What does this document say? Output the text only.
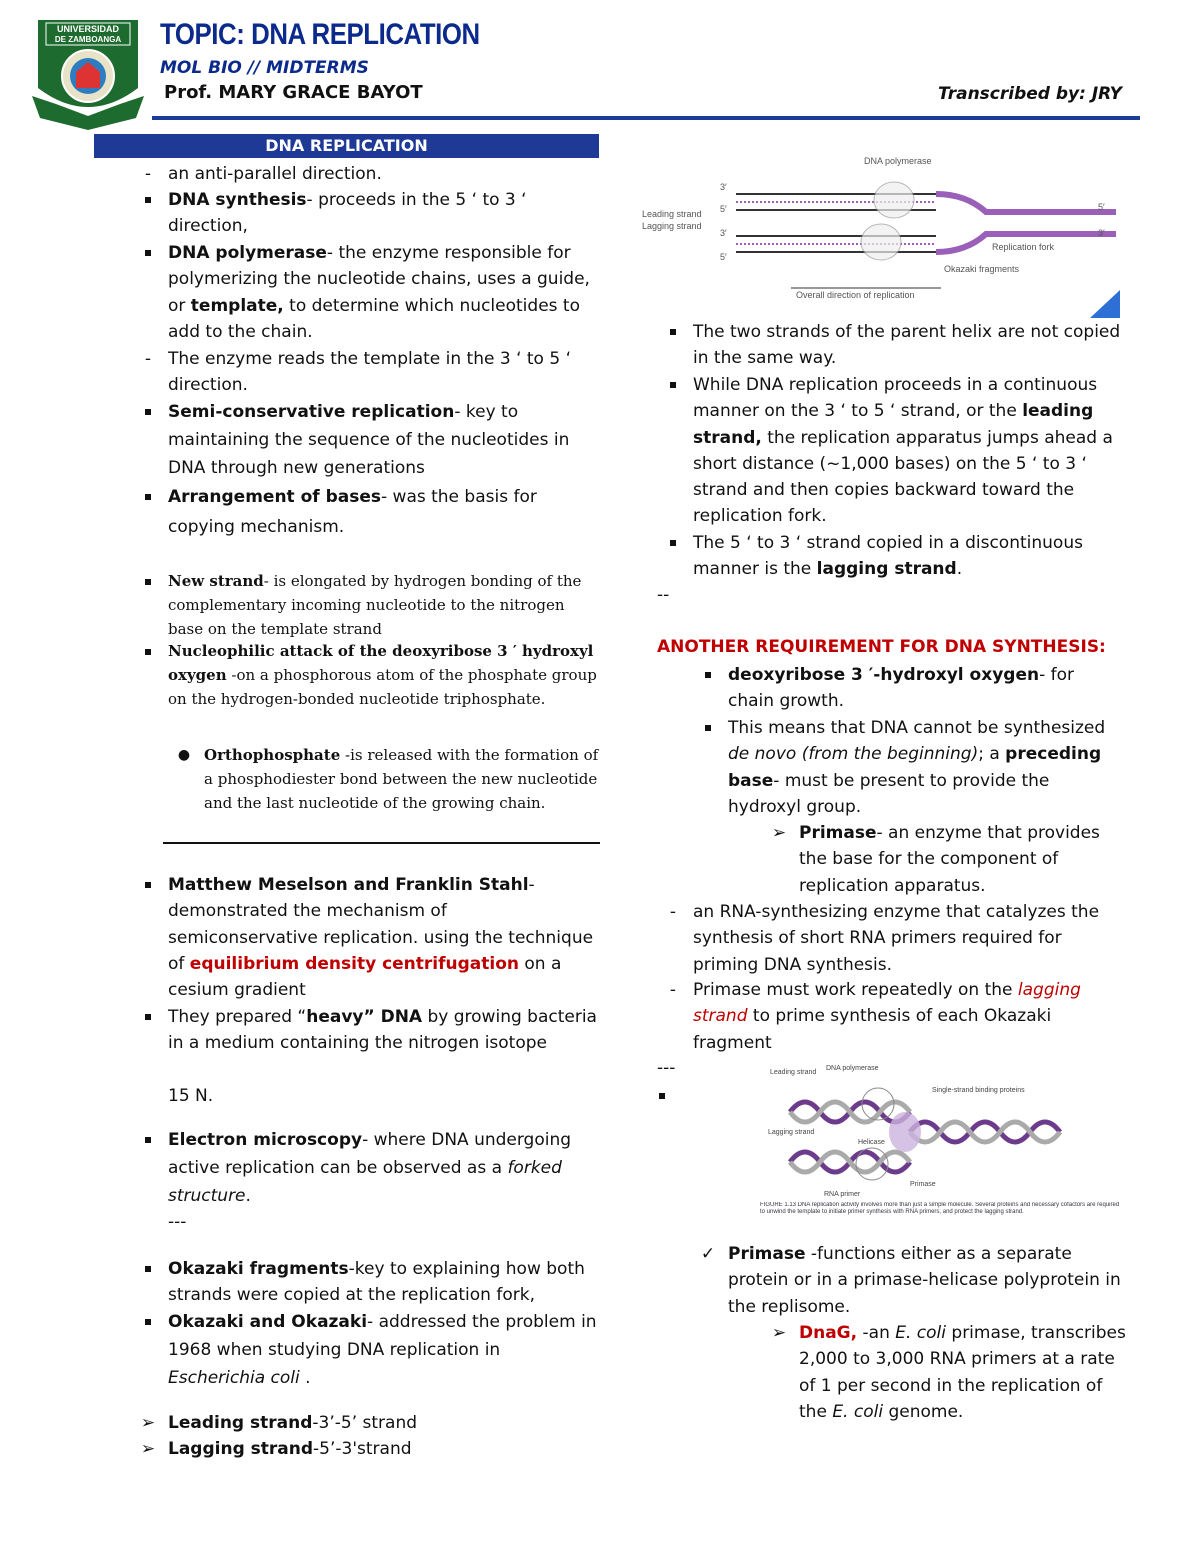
UNIVERSIDAD
DE ZAMBOANGA TOPIC: DNA REPLICATION
MOL BIO // MIDTERMS
Prof. MARY GRACE BAYOT	Transcribed by: JRY
DNA REPLICATION
- an anti-parallel direction.
DNA synthesis- proceeds in the 5 ‘ to 3 ‘ direction,
DNA polymerase- the enzyme responsible for polymerizing the nucleotide chains, uses a guide, or template, to determine which nucleotides to add to the chain.
- The enzyme reads the template in the 3 ‘ to 5 ‘ direction.
Semi-conservative replication- key to maintaining the sequence of the nucleotides in DNA through new generations
Arrangement of bases- was the basis for copying mechanism.
New strand- is elongated by hydrogen bonding of the complementary incoming nucleotide to the nitrogen base on the template strand
Nucleophilic attack of the deoxyribose 3 ′ hydroxyl oxygen -on a phosphorous atom of the phosphate group on the hydrogen-bonded nucleotide triphosphate.
● Orthophosphate -is released with the formation of a phosphodiester bond between the new nucleotide and the last nucleotide of the growing chain.
Matthew Meselson and Franklin Stahl- demonstrated the mechanism of semiconservative replication. using the technique of equilibrium density centrifugation on a cesium gradient
They prepared “heavy” DNA by growing bacteria in a medium containing the nitrogen isotope
15 N.
Electron microscopy- where DNA undergoing active replication can be observed as a forked structure.
---
Okazaki fragments-key to explaining how both strands were copied at the replication fork,
Okazaki and Okazaki- addressed the problem in 1968 when studying DNA replication in Escherichia coli .
➢ Leading strand-3’-5’ strand
➢ Lagging strand-5’-3'strand
DNA polymerase
Leading strand
Lagging strand
Replication fork
Okazaki fragments
Overall direction of replication
3′
5′
3′
5′
5′
3′
The two strands of the parent helix are not copied in the same way.
While DNA replication proceeds in a continuous manner on the 3 ‘ to 5 ‘ strand, or the leading strand, the replication apparatus jumps ahead a short distance (~1,000 bases) on the 5 ‘ to 3 ‘ strand and then copies backward toward the replication fork.
The 5 ‘ to 3 ‘ strand copied in a discontinuous manner is the lagging strand.
--
ANOTHER REQUIREMENT FOR DNA SYNTHESIS:
deoxyribose 3 ′-hydroxyl oxygen- for chain growth.
This means that DNA cannot be synthesized de novo (from the beginning); a preceding base- must be present to provide the hydroxyl group.
➢ Primase- an enzyme that provides the base for the component of replication apparatus.
- an RNA-synthesizing enzyme that catalyzes the synthesis of short RNA primers required for priming DNA synthesis.
- Primase must work repeatedly on the lagging strand to prime synthesis of each Okazaki fragment
---	Leading strand
DNA polymerase
Single-strand binding proteins
Lagging strand
Helicase
RNA primer
Primase
FIGURE 1.13 DNA replication activity involves more than just a simple molecule. Several proteins and necessary cofactors are required to unwind the template to initiate primer synthesis with RNA primers, and protect the lagging strand.
✓ Primase -functions either as a separate protein or in a primase-helicase polyprotein in the replisome.
➢ DnaG, -an E. coli primase, transcribes 2,000 to 3,000 RNA primers at a rate of 1 per second in the replication of the E. coli genome.
